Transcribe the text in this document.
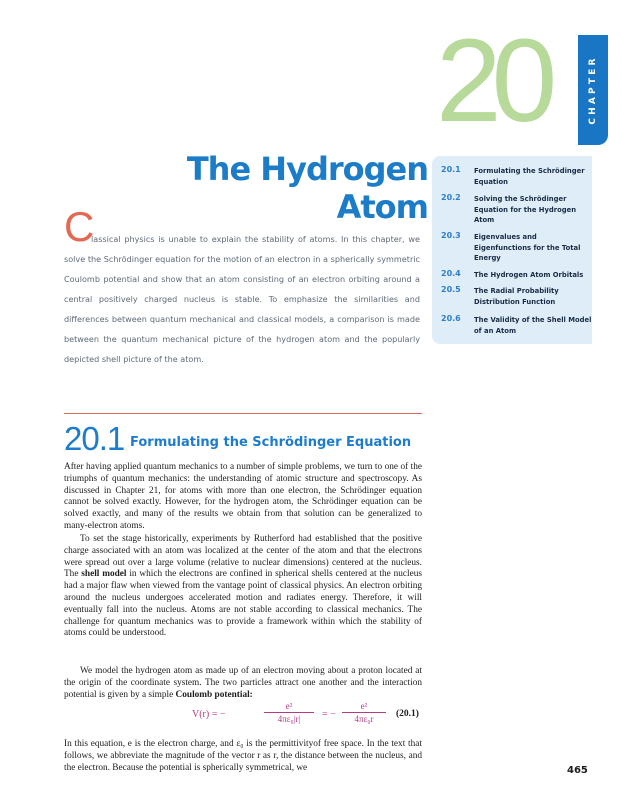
20	CHAPTER
The Hydrogen Atom
20.1 Formulating the Schrödinger Equation
20.2 Solving the Schrödinger Equation for the Hydrogen Atom
20.3 Eigenvalues and Eigenfunctions for the Total Energy
20.4 The Hydrogen Atom Orbitals
20.5 The Radial Probability Distribution Function
20.6 The Validity of the Shell Model of an Atom
C

lassical physics is unable to explain the stability of atoms. In this chapter, we solve the Schrödinger equation for the motion of an electron in a spherically symmetric Coulomb potential and show that an atom consisting of an electron orbiting around a central positively charged nucleus is stable. To emphasize the similarities and differences between quantum mechanical and classical models, a comparison is made between the quantum mechanical picture of the hydrogen atom and the popularly depicted shell picture of the atom.

20.1 Formulating the Schrödinger Equation

After having applied quantum mechanics to a number of simple problems, we turn to one of the triumphs of quantum mechanics: the understanding of atomic structure and spectroscopy. As discussed in Chapter 21, for atoms with more than one electron, the Schrödinger equation cannot be solved exactly. However, for the hydrogen atom, the Schrödinger equation can be solved exactly, and many of the results we obtain from that solution can be generalized to many-electron atoms.

To set the stage historically, experiments by Rutherford had established that the positive charge associated with an atom was localized at the center of the atom and that the electrons were spread out over a large volume (relative to nuclear dimensions) centered at the nucleus. The shell model in which the electrons are confined in spherical shells centered at the nucleus had a major flaw when viewed from the vantage point of classical physics. An electron orbiting around the nucleus undergoes accelerated motion and radiates energy. Therefore, it will eventually fall into the nucleus. Atoms are not stable according to classical mechanics. The challenge for quantum mechanics was to provide a framework within which the stability of atoms could be understood.

We model the hydrogen atom as made up of an electron moving about a proton located at the origin of the coordinate system. The two particles attract one another and the interaction potential is given by a simple Coulomb potential:

V(r) = −	$\frac{\text{e²}}{\text{4πε₀|r|}}$ = − $\frac{\text{e²}}{\text{4πε₀r}} (20.1)$

In this equation, e is the electron charge, and ε₀ is the permittivityof free space. In the text that follows, we abbreviate the magnitude of the vector r as r, the distance between the nucleus, and the electron. Because the potential is spherically symmetrical, we	465
